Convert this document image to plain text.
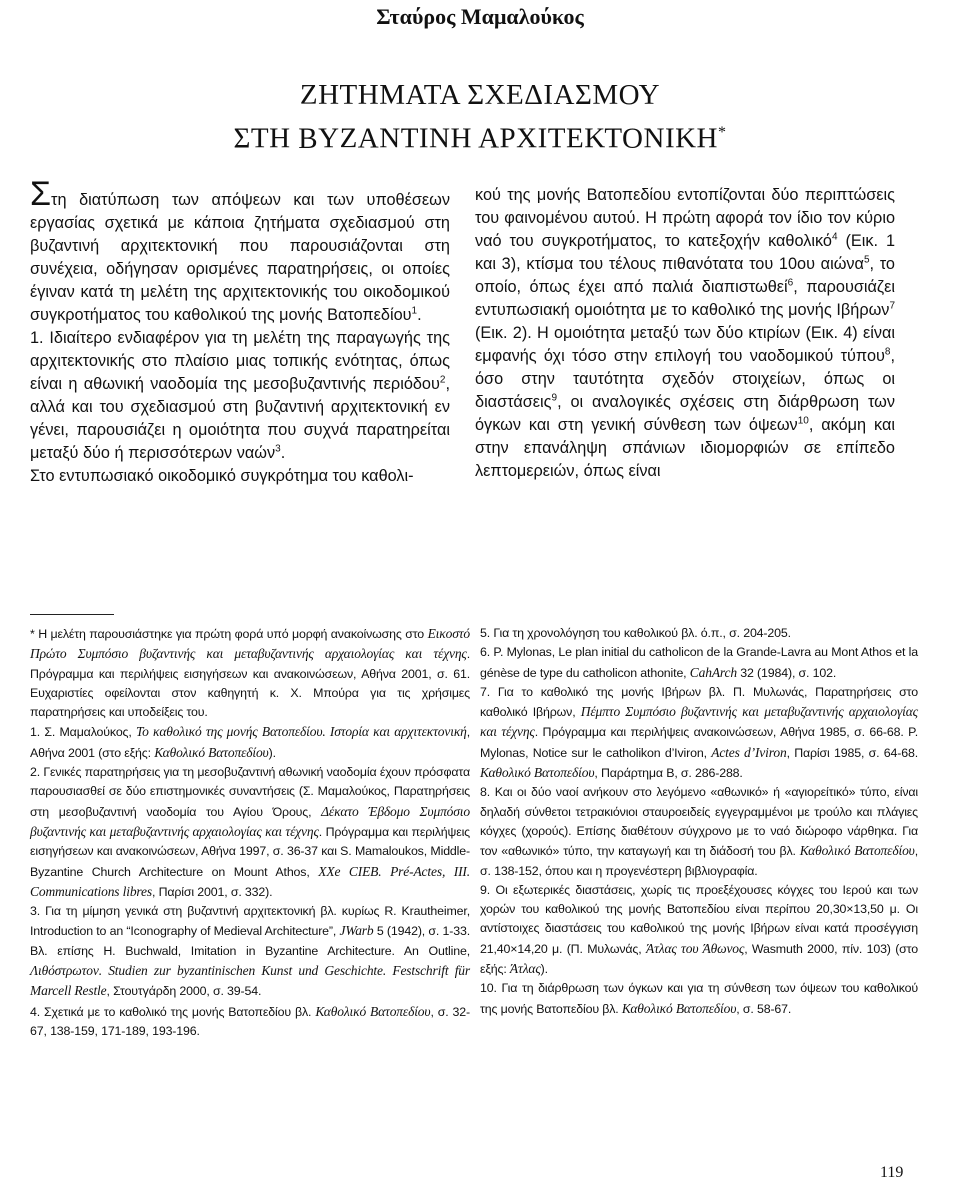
Σταύρος Μαμαλούκος
ΖΗΤΗΜΑΤΑ ΣΧΕΔΙΑΣΜΟΥ
ΣΤΗ ΒΥΖΑΝΤΙΝΗ ΑΡΧΙΤΕΚΤΟΝΙΚΗ*

Στη διατύπωση των απόψεων και των υποθέσεων εργασίας σχετικά με κάποια ζητήματα σχεδιασμού στη βυζαντινή αρχιτεκτονική που παρουσιάζονται στη συνέχεια, οδήγησαν ορισμένες παρατηρήσεις, οι οποίες έγιναν κατά τη μελέτη της αρχιτεκτονικής του οικοδομικού συγκροτήματος του καθολικού της μονής Βατοπεδίου$^1$.

1. Ιδιαίτερο ενδιαφέρον για τη μελέτη της παραγωγής της αρχιτεκτονικής στο πλαίσιο μιας τοπικής ενότητας, όπως είναι η αθωνική ναοδομία της μεσοβυζαντινής περιόδου$^2$, αλλά και του σχεδιασμού στη βυζαντινή αρχιτεκτονική εν γένει, παρουσιάζει η ομοιότητα που συχνά παρατηρείται μεταξύ δύο ή περισσότερων ναών$^3$.

Στο εντυπωσιακό οικοδομικό συγκρότημα του καθολι-

κού της μονής Βατοπεδίου εντοπίζονται δύο περιπτώσεις του φαινομένου αυτού. Η πρώτη αφορά τον ίδιο τον κύριο ναό του συγκροτήματος, το κατεξοχήν καθολικό$^4$ (Εικ. 1 και 3), κτίσμα του τέλους πιθανότατα του 10ου αιώνα$^5$, το οποίο, όπως έχει από παλιά διαπιστωθεί$^6$, παρουσιάζει εντυπωσιακή ομοιότητα με το καθολικό της μονής Ιβήρων$^7$ (Εικ. 2). Η ομοιότητα μεταξύ των δύο κτιρίων (Εικ. 4) είναι εμφανής όχι τόσο στην επιλογή του ναοδομικού τύπου$^8$, όσο στην ταυτότητα σχεδόν στοιχείων, όπως οι διαστάσεις$^9$, οι αναλογικές σχέσεις στη διάρθρωση των όγκων και στη γενική σύνθεση των όψεων$^{10}$, ακόμη και στην επανάληψη σπάνιων ιδιομορφιών σε επίπεδο λεπτομερειών, όπως είναι

* Η μελέτη παρουσιάστηκε για πρώτη φορά υπό μορφή ανακοίνωσης στο Εικοστό Πρώτο Συμπόσιο βυζαντινής και μεταβυζαντινής αρχαιολογίας και τέχνης. Πρόγραμμα και περιλήψεις εισηγήσεων και ανακοινώσεων, Αθήνα 2001, σ. 61. Ευχαριστίες οφείλονται στον καθηγητή κ. Χ. Μπούρα για τις χρήσιμες παρατηρήσεις και υποδείξεις του.

1. Σ. Μαμαλούκος, Το καθολικό της μονής Βατοπεδίου. Ιστορία και αρχιτεκτονική, Αθήνα 2001 (στο εξής: Καθολικό Βατοπεδίου).

2. Γενικές παρατηρήσεις για τη μεσοβυζαντινή αθωνική ναοδομία έχουν πρόσφατα παρουσιασθεί σε δύο επιστημονικές συναντήσεις (Σ. Μαμαλούκος, Παρατηρήσεις στη μεσοβυζαντινή ναοδομία του Αγίου Όρους, Δέκατο Έβδομο Συμπόσιο βυζαντινής και μεταβυζαντινής αρχαιολογίας και τέχνης. Πρόγραμμα και περιλήψεις εισηγήσεων και ανακοινώσεων, Αθήνα 1997, σ. 36-37 και S. Mamaloukos, Middle-Byzantine Church Architecture on Mount Athos, XXe CIEB. Pré-Actes, III. Communications libres, Παρίσι 2001, σ. 332).

3. Για τη μίμηση γενικά στη βυζαντινή αρχιτεκτονική βλ. κυρίως R. Krautheimer, Introduction to an “Iconography of Medieval Architecture”, JWarb 5 (1942), σ. 1-33. Βλ. επίσης H. Buchwald, Imitation in Byzantine Architecture. An Outline, Λιθόστρωτον. Studien zur byzantinischen Kunst und Geschichte. Festschrift für Marcell Restle, Στουτγάρδη 2000, σ. 39-54.

4. Σχετικά με το καθολικό της μονής Βατοπεδίου βλ. Καθολικό Βατοπεδίου, σ. 32-67, 138-159, 171-189, 193-196.

5. Για τη χρονολόγηση του καθολικού βλ. ό.π., σ. 204-205.

6. P. Mylonas, Le plan initial du catholicon de la Grande-Lavra au Mont Athos et la génèse de type du catholicon athonite, CahArch 32 (1984), σ. 102.

7. Για το καθολικό της μονής Ιβήρων βλ. Π. Μυλωνάς, Παρατηρήσεις στο καθολικό Ιβήρων, Πέμπτο Συμπόσιο βυζαντινής και μεταβυζαντινής αρχαιολογίας και τέχνης. Πρόγραμμα και περιλήψεις ανακοινώσεων, Αθήνα 1985, σ. 66-68. P. Mylonas, Notice sur le catholikon d’Iviron, Actes d’Iviron, Παρίσι 1985, σ. 64-68. Καθολικό Βατοπεδίου, Παράρτημα Β, σ. 286-288.

8. Και οι δύο ναοί ανήκουν στο λεγόμενο «αθωνικό» ή «αγιορείτικό» τύπο, είναι δηλαδή σύνθετοι τετρακιόνιοι σταυροειδείς εγγεγραμμένοι με τρούλο και πλάγιες κόγχες (χορούς). Επίσης διαθέτουν σύγχρονο με το ναό διώροφο νάρθηκα. Για τον «αθωνικό» τύπο, την καταγωγή και τη διάδοσή του βλ. Καθολικό Βατοπεδίου, σ. 138-152, όπου και η προγενέστερη βιβλιογραφία.

9. Οι εξωτερικές διαστάσεις, χωρίς τις προεξέχουσες κόγχες του Ιερού και των χορών του καθολικού της μονής Βατοπεδίου είναι περίπου 20,30×13,50 μ. Οι αντίστοιχες διαστάσεις του καθολικού της μονής Ιβήρων είναι κατά προσέγγιση 21,40×14,20 μ. (Π. Μυλωνάς, Άτλας του Άθωνος, Wasmuth 2000, πίν. 103) (στο εξής: Άτλας).

10. Για τη διάρθρωση των όγκων και για τη σύνθεση των όψεων του καθολικού της μονής Βατοπεδίου βλ. Καθολικό Βατοπεδίου, σ. 58-67.

119
